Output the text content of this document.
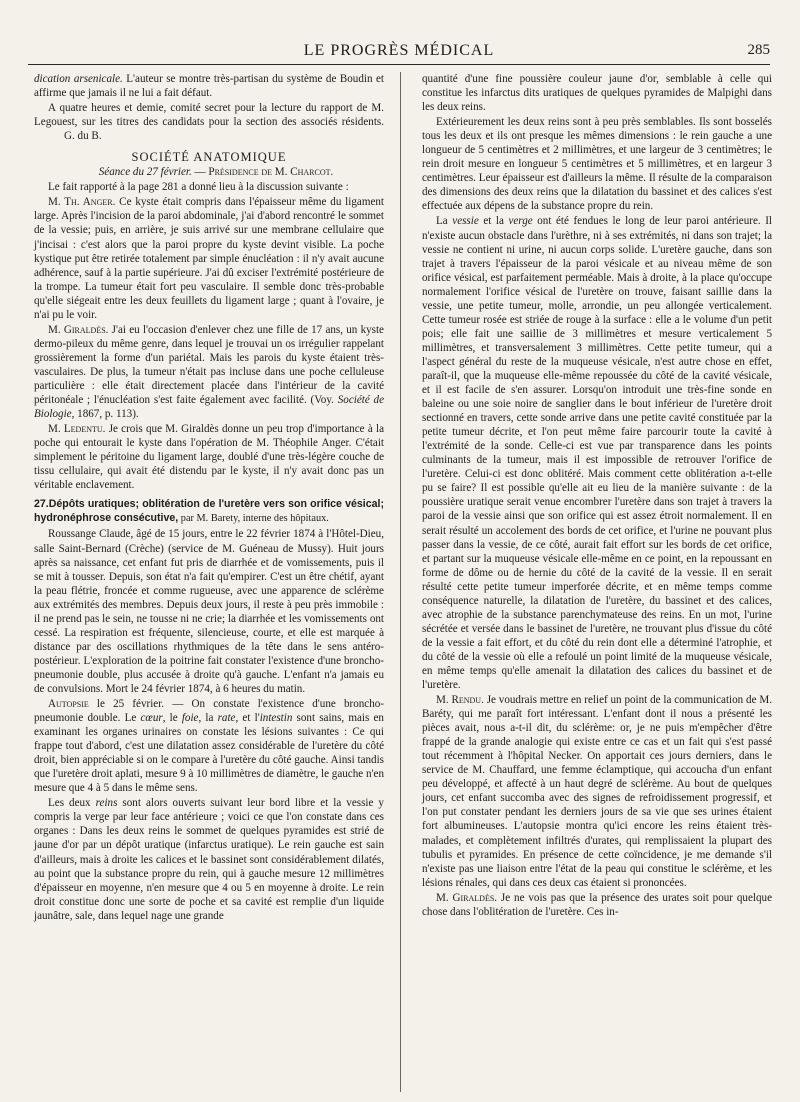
LE PROGRÈS MÉDICAL	285

dication arsenicale. L'auteur se montre très-partisan du système de Boudin et affirme que jamais il ne lui a fait défaut.

A quatre heures et demie, comité secret pour la lecture du rapport de M. Legouest, sur les titres des candidats pour la section des associés résidents. G. du B.

SOCIÉTÉ ANATOMIQUE

Séance du 27 février. — Présidence de M. Charcot.

Le fait rapporté à la page 281 a donné lieu à la discussion suivante :

M. Th. Anger. Ce kyste était compris dans l'épaisseur même du ligament large. Après l'incision de la paroi abdominale, j'ai d'abord rencontré le sommet de la vessie; puis, en arrière, je suis arrivé sur une membrane cellulaire que j'incisai : c'est alors que la paroi propre du kyste devint visible. La poche kystique put être retirée totalement par simple énucléation : il n'y avait aucune adhérence, sauf à la partie supérieure. J'ai dû exciser l'extrémité postérieure de la trompe. La tumeur était fort peu vasculaire. Il semble donc très-probable qu'elle siégeait entre les deux feuillets du ligament large ; quant à l'ovaire, je n'ai pu le voir.

M. Giraldès. J'ai eu l'occasion d'enlever chez une fille de 17 ans, un kyste dermo-pileux du même genre, dans lequel je trouvai un os irrégulier rappelant grossièrement la forme d'un pariétal. Mais les parois du kyste étaient très-vasculaires. De plus, la tumeur n'était pas incluse dans une poche celluleuse particulière : elle était directement placée dans l'intérieur de la cavité péritonéale ; l'énucléation s'est faite également avec facilité. (Voy. Société de Biologie, 1867, p. 113).

M. Ledentu. Je crois que M. Giraldès donne un peu trop d'importance à la poche qui entourait le kyste dans l'opération de M. Théophile Anger. C'était simplement le péritoine du ligament large, doublé d'une très-légère couche de tissu cellulaire, qui avait été distendu par le kyste, il n'y avait donc pas un véritable enclavement.

27.Dépôts uratiques; oblitération de l'uretère vers son orifice vésical; hydronéphrose consécutive, par M. Barety, interne des hôpitaux.

Roussange Claude, âgé de 15 jours, entre le 22 février 1874 à l'Hôtel-Dieu, salle Saint-Bernard (Crèche) (service de M. Guéneau de Mussy). Huit jours après sa naissance, cet enfant fut pris de diarrhée et de vomissements, puis il se mit à tousser. Depuis, son état n'a fait qu'empirer. C'est un être chétif, ayant la peau flétrie, froncée et comme rugueuse, avec une apparence de sclérème aux extrémités des membres. Depuis deux jours, il reste à peu près immobile : il ne prend pas le sein, ne tousse ni ne crie; la diarrhée et les vomissements ont cessé. La respiration est fréquente, silencieuse, courte, et elle est marquée à distance par des oscillations rhythmiques de la tête dans le sens antéro-postérieur. L'exploration de la poitrine fait constater l'existence d'une broncho-pneumonie double, plus accusée à droite qu'à gauche. L'enfant n'a jamais eu de convulsions. Mort le 24 février 1874, à 6 heures du matin.

Autopsie le 25 février. — On constate l'existence d'une broncho-pneumonie double. Le cœur, le foie, la rate, et l'intestin sont sains, mais en examinant les organes urinaires on constate les lésions suivantes : Ce qui frappe tout d'abord, c'est une dilatation assez considérable de l'uretère du côté droit, bien appréciable si on le compare à l'uretère du côté gauche. Ainsi tandis que l'uretère droit aplati, mesure 9 à 10 millimètres de diamètre, le gauche n'en mesure que 4 à 5 dans le même sens.

Les deux reins sont alors ouverts suivant leur bord libre et la vessie y compris la verge par leur face antérieure ; voici ce que l'on constate dans ces organes : Dans les deux reins le sommet de quelques pyramides est strié de jaune d'or par un dépôt uratique (infarctus uratique). Le rein gauche est sain d'ailleurs, mais à droite les calices et le bassinet sont considérablement dilatés, au point que la substance propre du rein, qui à gauche mesure 12 millimètres d'épaisseur en moyenne, n'en mesure que 4 ou 5 en moyenne à droite. Le rein droit constitue donc une sorte de poche et sa cavité est remplie d'un liquide jaunâtre, sale, dans lequel nage une grande

quantité d'une fine poussière couleur jaune d'or, semblable à celle qui constitue les infarctus dits uratiques de quelques pyramides de Malpighi dans les deux reins.

Extérieurement les deux reins sont à peu près semblables. Ils sont bosselés tous les deux et ils ont presque les mêmes dimensions : le rein gauche a une longueur de 5 centimètres et 2 millimètres, et une largeur de 3 centimètres; le rein droit mesure en longueur 5 centimètres et 5 millimètres, et en largeur 3 centimètres. Leur épaisseur est d'ailleurs la même. Il résulte de la comparaison des dimensions des deux reins que la dilatation du bassinet et des calices s'est effectuée aux dépens de la substance propre du rein.

La vessie et la verge ont été fendues le long de leur paroi antérieure. Il n'existe aucun obstacle dans l'urèthre, ni à ses extrémités, ni dans son trajet; la vessie ne contient ni urine, ni aucun corps solide. L'uretère gauche, dans son trajet à travers l'épaisseur de la paroi vésicale et au niveau même de son orifice vésical, est parfaitement perméable. Mais à droite, à la place qu'occupe normalement l'orifice vésical de l'uretère on trouve, faisant saillie dans la vessie, une petite tumeur, molle, arrondie, un peu allongée verticalement. Cette tumeur rosée est striée de rouge à la surface : elle a le volume d'un petit pois; elle fait une saillie de 3 millimètres et mesure verticalement 5 millimètres, et transversalement 3 millimètres. Cette petite tumeur, qui a l'aspect général du reste de la muqueuse vésicale, n'est autre chose en effet, paraît-il, que la muqueuse elle-même repoussée du côté de la cavité vésicale, et il est facile de s'en assurer. Lorsqu'on introduit une très-fine sonde en baleine ou une soie noire de sanglier dans le bout inférieur de l'uretère droit sectionné en travers, cette sonde arrive dans une petite cavité constituée par la petite tumeur décrite, et l'on peut même faire parcourir toute la cavité à l'extrémité de la sonde. Celle-ci est vue par transparence dans les points culminants de la tumeur, mais il est impossible de retrouver l'orifice de l'uretère. Celui-ci est donc oblitéré. Mais comment cette oblitération a-t-elle pu se faire? Il est possible qu'elle ait eu lieu de la manière suivante : de la poussière uratique serait venue encombrer l'uretère dans son trajet à travers la paroi de la vessie ainsi que son orifice qui est assez étroit normalement. Il en serait résulté un accolement des bords de cet orifice, et l'urine ne pouvant plus passer dans la vessie, de ce côté, aurait fait effort sur les bords de cet orifice, et partant sur la muqueuse vésicale elle-même en ce point, en la repoussant en forme de dôme ou de hernie du côté de la cavité de la vessie. Il en serait résulté cette petite tumeur imperforée décrite, et en même temps comme conséquence naturelle, la dilatation de l'uretère, du bassinet et des calices, avec atrophie de la substance parenchymateuse des reins. En un mot, l'urine sécrétée et versée dans le bassinet de l'uretère, ne trouvant plus d'issue du côté de la vessie a fait effort, et du côté du rein dont elle a déterminé l'atrophie, et du côté de la vessie où elle a refoulé un point limité de la muqueuse vésicale, en même temps qu'elle amenait la dilatation des calices du bassinet et de l'uretère.

M. Rendu. Je voudrais mettre en relief un point de la communication de M. Baréty, qui me paraît fort intéressant. L'enfant dont il nous a présenté les pièces avait, nous a-t-il dit, du sclérème: or, je ne puis m'empêcher d'être frappé de la grande analogie qui existe entre ce cas et un fait qui s'est passé tout récemment à l'hôpital Necker. On apportait ces jours derniers, dans le service de M. Chauffard, une femme éclamptique, qui accoucha d'un enfant peu développé, et affecté à un haut degré de sclérème. Au bout de quelques jours, cet enfant succomba avec des signes de refroidissement progressif, et l'on put constater pendant les derniers jours de sa vie que ses urines étaient fort albumineuses. L'autopsie montra qu'ici encore les reins étaient très-malades, et complètement infiltrés d'urates, qui remplissaient la plupart des tubulis et pyramides. En présence de cette coïncidence, je me demande s'il n'existe pas une liaison entre l'état de la peau qui constitue le sclérème, et les lésions rénales, qui dans ces deux cas étaient si prononcées.

M. Giraldès. Je ne vois pas que la présence des urates soit pour quelque chose dans l'oblitération de l'uretère. Ces in-
